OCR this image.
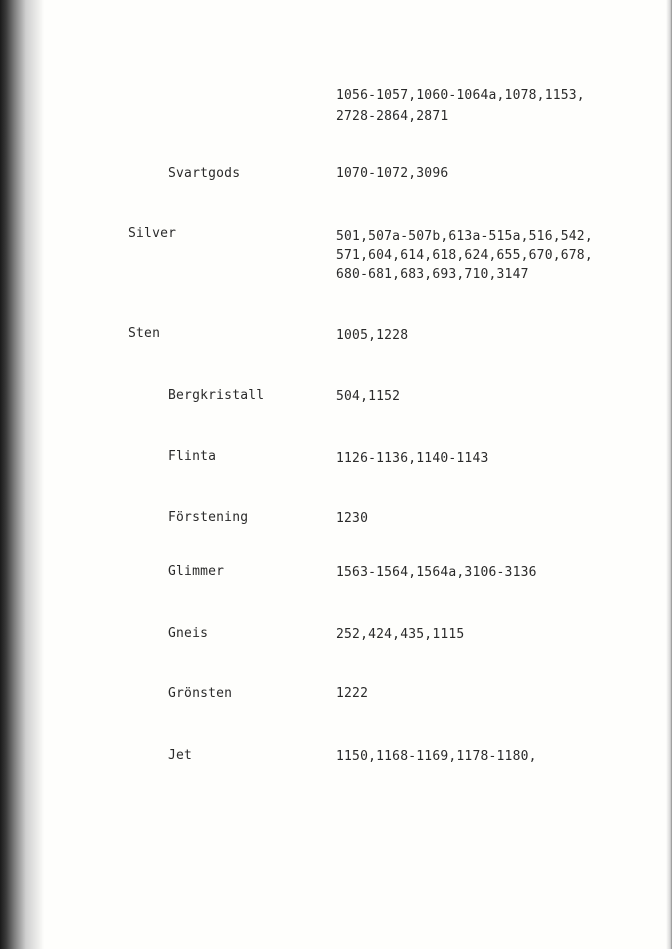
1056-1057,1060-1064a,1078,1153,
2728-2864,2871
Svartgods	1070-1072,3096
Silver	501,507a-507b,613a-515a,516,542,
571,604,614,618,624,655,670,678,
680-681,683,693,710,3147
Sten	1005,1228
Bergkristall	504,1152
Flinta	1126-1136,1140-1143
Förstening	1230
Glimmer	1563-1564,1564a,3106-3136
Gneis	252,424,435,1115
Grönsten	1222
Jet	1150,1168-1169,1178-1180,
